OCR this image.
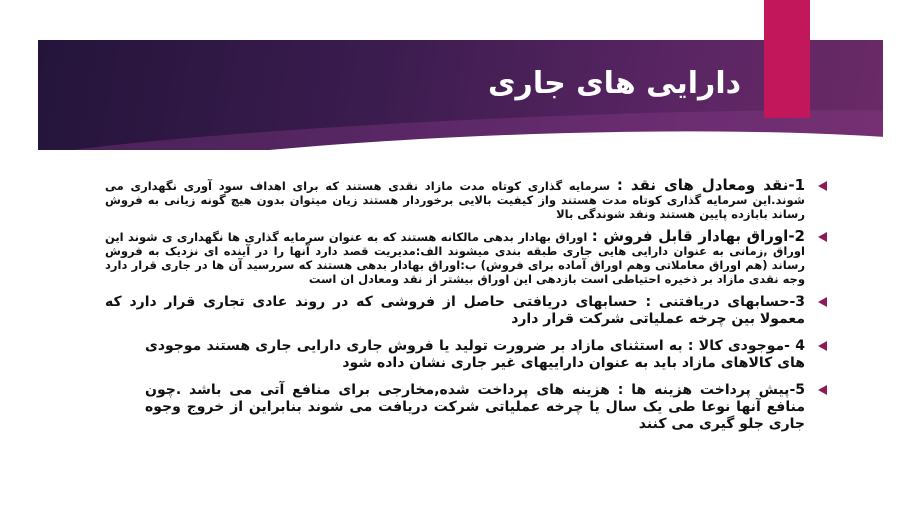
دارایی های جاری
1-نقد ومعادل های نقد : سرمایه گذاری کوتاه مدت مازاد نقدی هستند که برای اهداف سود آوری نگهداری می شوند.این سرمایه گذاری کوتاه مدت هستند واز کیفیت بالایی برخوردار هستند زیان میتوان بدون هیچ گونه زیانی به فروش رساند بابازده پایین هستند ونقد شوندگی بالا
2-اوراق بهادار قابل فروش : اوراق بهادار بدهی مالکانه هستند که به عنوان سرمایه گذاری ها نگهداری ی شوند این اوراق ,زمانی به عنوان دارایی هایی جاری طبقه بندی میشوند الف:مدیریت قصد دارد آنها را در آینده ای نزدیک به فروش رساند (هم اوراق معاملاتی وهم اوراق آماده برای فروش) ب:اوراق بهادار بدهی هستند که سررسید آن ها در جاری قرار دارد وجه نقدی مازاد بر ذخیره احتیاطی است بازدهی این اوراق بیشتر از نقد ومعادل ان است
3-حسابهای دریافتنی : حسابهای دریافتی حاصل از فروشی که در روند عادی تجاری قرار دارد که معمولا بین چرخه عملیاتی شرکت قرار دارد
4 -موجودی کالا : به استثنای مازاد بر ضرورت تولید یا فروش جاری دارایی جاری هستند موجودی های کالاهای مازاد باید به عنوان داراییهای غیر جاری نشان داده شود
5-پیش پرداخت هزینه ها : هزینه های پرداخت شده,مخارجی برای منافع آتی می باشد .چون منافع آنها نوعا طی یک سال یا چرخه عملیاتی شرکت دریافت می شوند بنابراین از خروج وجوه جاری جلو گیری می کنند
